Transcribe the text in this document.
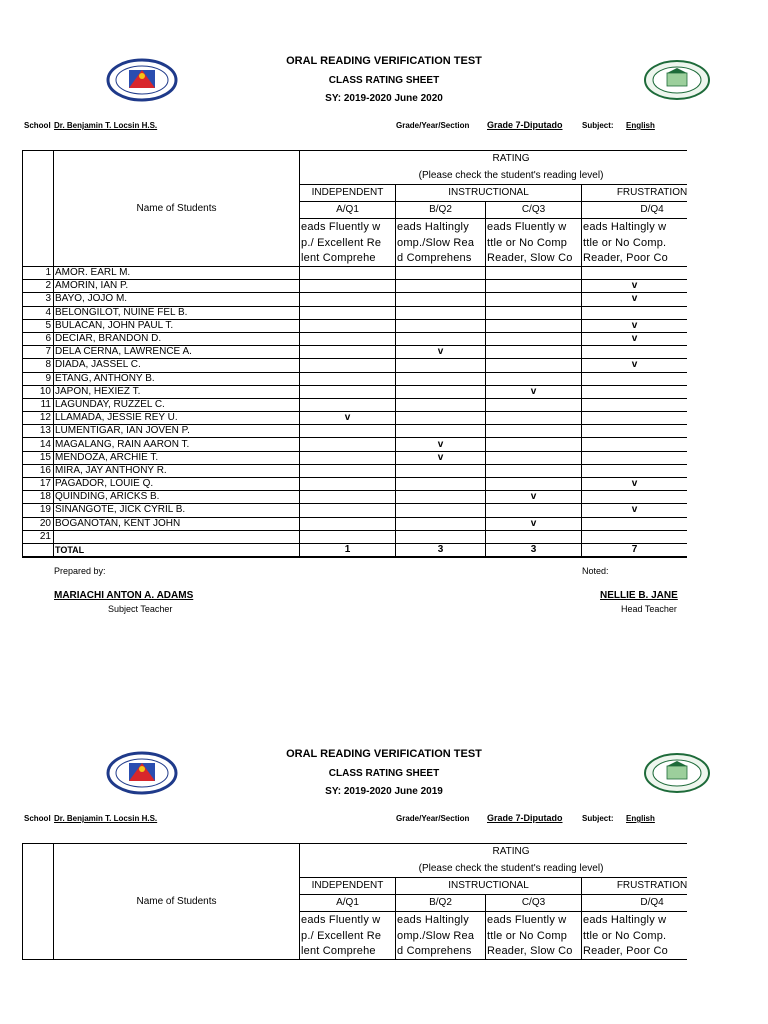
ORAL READING VERIFICATION TEST
CLASS RATING SHEET
SY: 2019-2020 June 2020
School Dr. Benjamin T. Locsin H.S.	Grade/Year/Section	Grade 7-Diputado Subject: English
	Name of Students	RATING				
		(Please check the student's reading level)				
		INDEPENDENT	INSTRUCTIONAL		FRUSTRATION	
		A/Q1	B/Q2	C/Q3	D/Q4	
		eads Fluently w	eads Haltingly	eads Fluently w	eads Haltingly w	
		p./ Excellent Re	omp./Slow Rea	ttle or No Comp	ttle or No Comp.	
		lent Comprehe	d Comprehens	Reader, Slow Co	Reader, Poor Co	
1	AMOR. EARL M.					
2	AMORIN, IAN P.				v	
3	BAYO, JOJO M.				v	
4	BELONGILOT, NUINE FEL B.					
5	BULACAN, JOHN PAUL T.				v	
6	DECIAR, BRANDON D.				v	
7	DELA CERNA, LAWRENCE A.		v			
8	DIADA, JASSEL C.				v	
9	ETANG, ANTHONY B.					
10	JAPON, HEXIEZ T.			v		
11	LAGUNDAY, RUZZEL C.					
12	LLAMADA, JESSIE REY U.	v				
13	LUMENTIGAR, IAN JOVEN P.					
14	MAGALANG, RAIN AARON T.		v			
15	MENDOZA, ARCHIE T.		v			
16	MIRA, JAY ANTHONY R.					
17	PAGADOR, LOUIE Q.				v	
18	QUINDING, ARICKS B.			v		
19	SINANGOTE, JICK CYRIL B.				v	
20	BOGANOTAN, KENT JOHN			v		
21						
	TOTAL	1	3	3	7	
Prepared by:	Noted:
MARIACHI ANTON A. ADAMS
Subject Teacher
NELLIE B. JANE
Head Teacher
ORAL READING VERIFICATION TEST
CLASS RATING SHEET
SY: 2019-2020 June 2019
School Dr. Benjamin T. Locsin H.S.	Grade/Year/Section	Grade 7-Diputado Subject: English
	Name of Students	RATING			
		(Please check the student's reading level)			
		INDEPENDENT	INSTRUCTIONAL		FRUSTRATION
		A/Q1	B/Q2	C/Q3	D/Q4
		eads Fluently w	eads Haltingly	eads Fluently w	eads Haltingly w
		p./ Excellent Re	omp./Slow Rea	ttle or No Comp	ttle or No Comp.
		lent Comprehe	d Comprehens	Reader, Slow Co	Reader, Poor Co
